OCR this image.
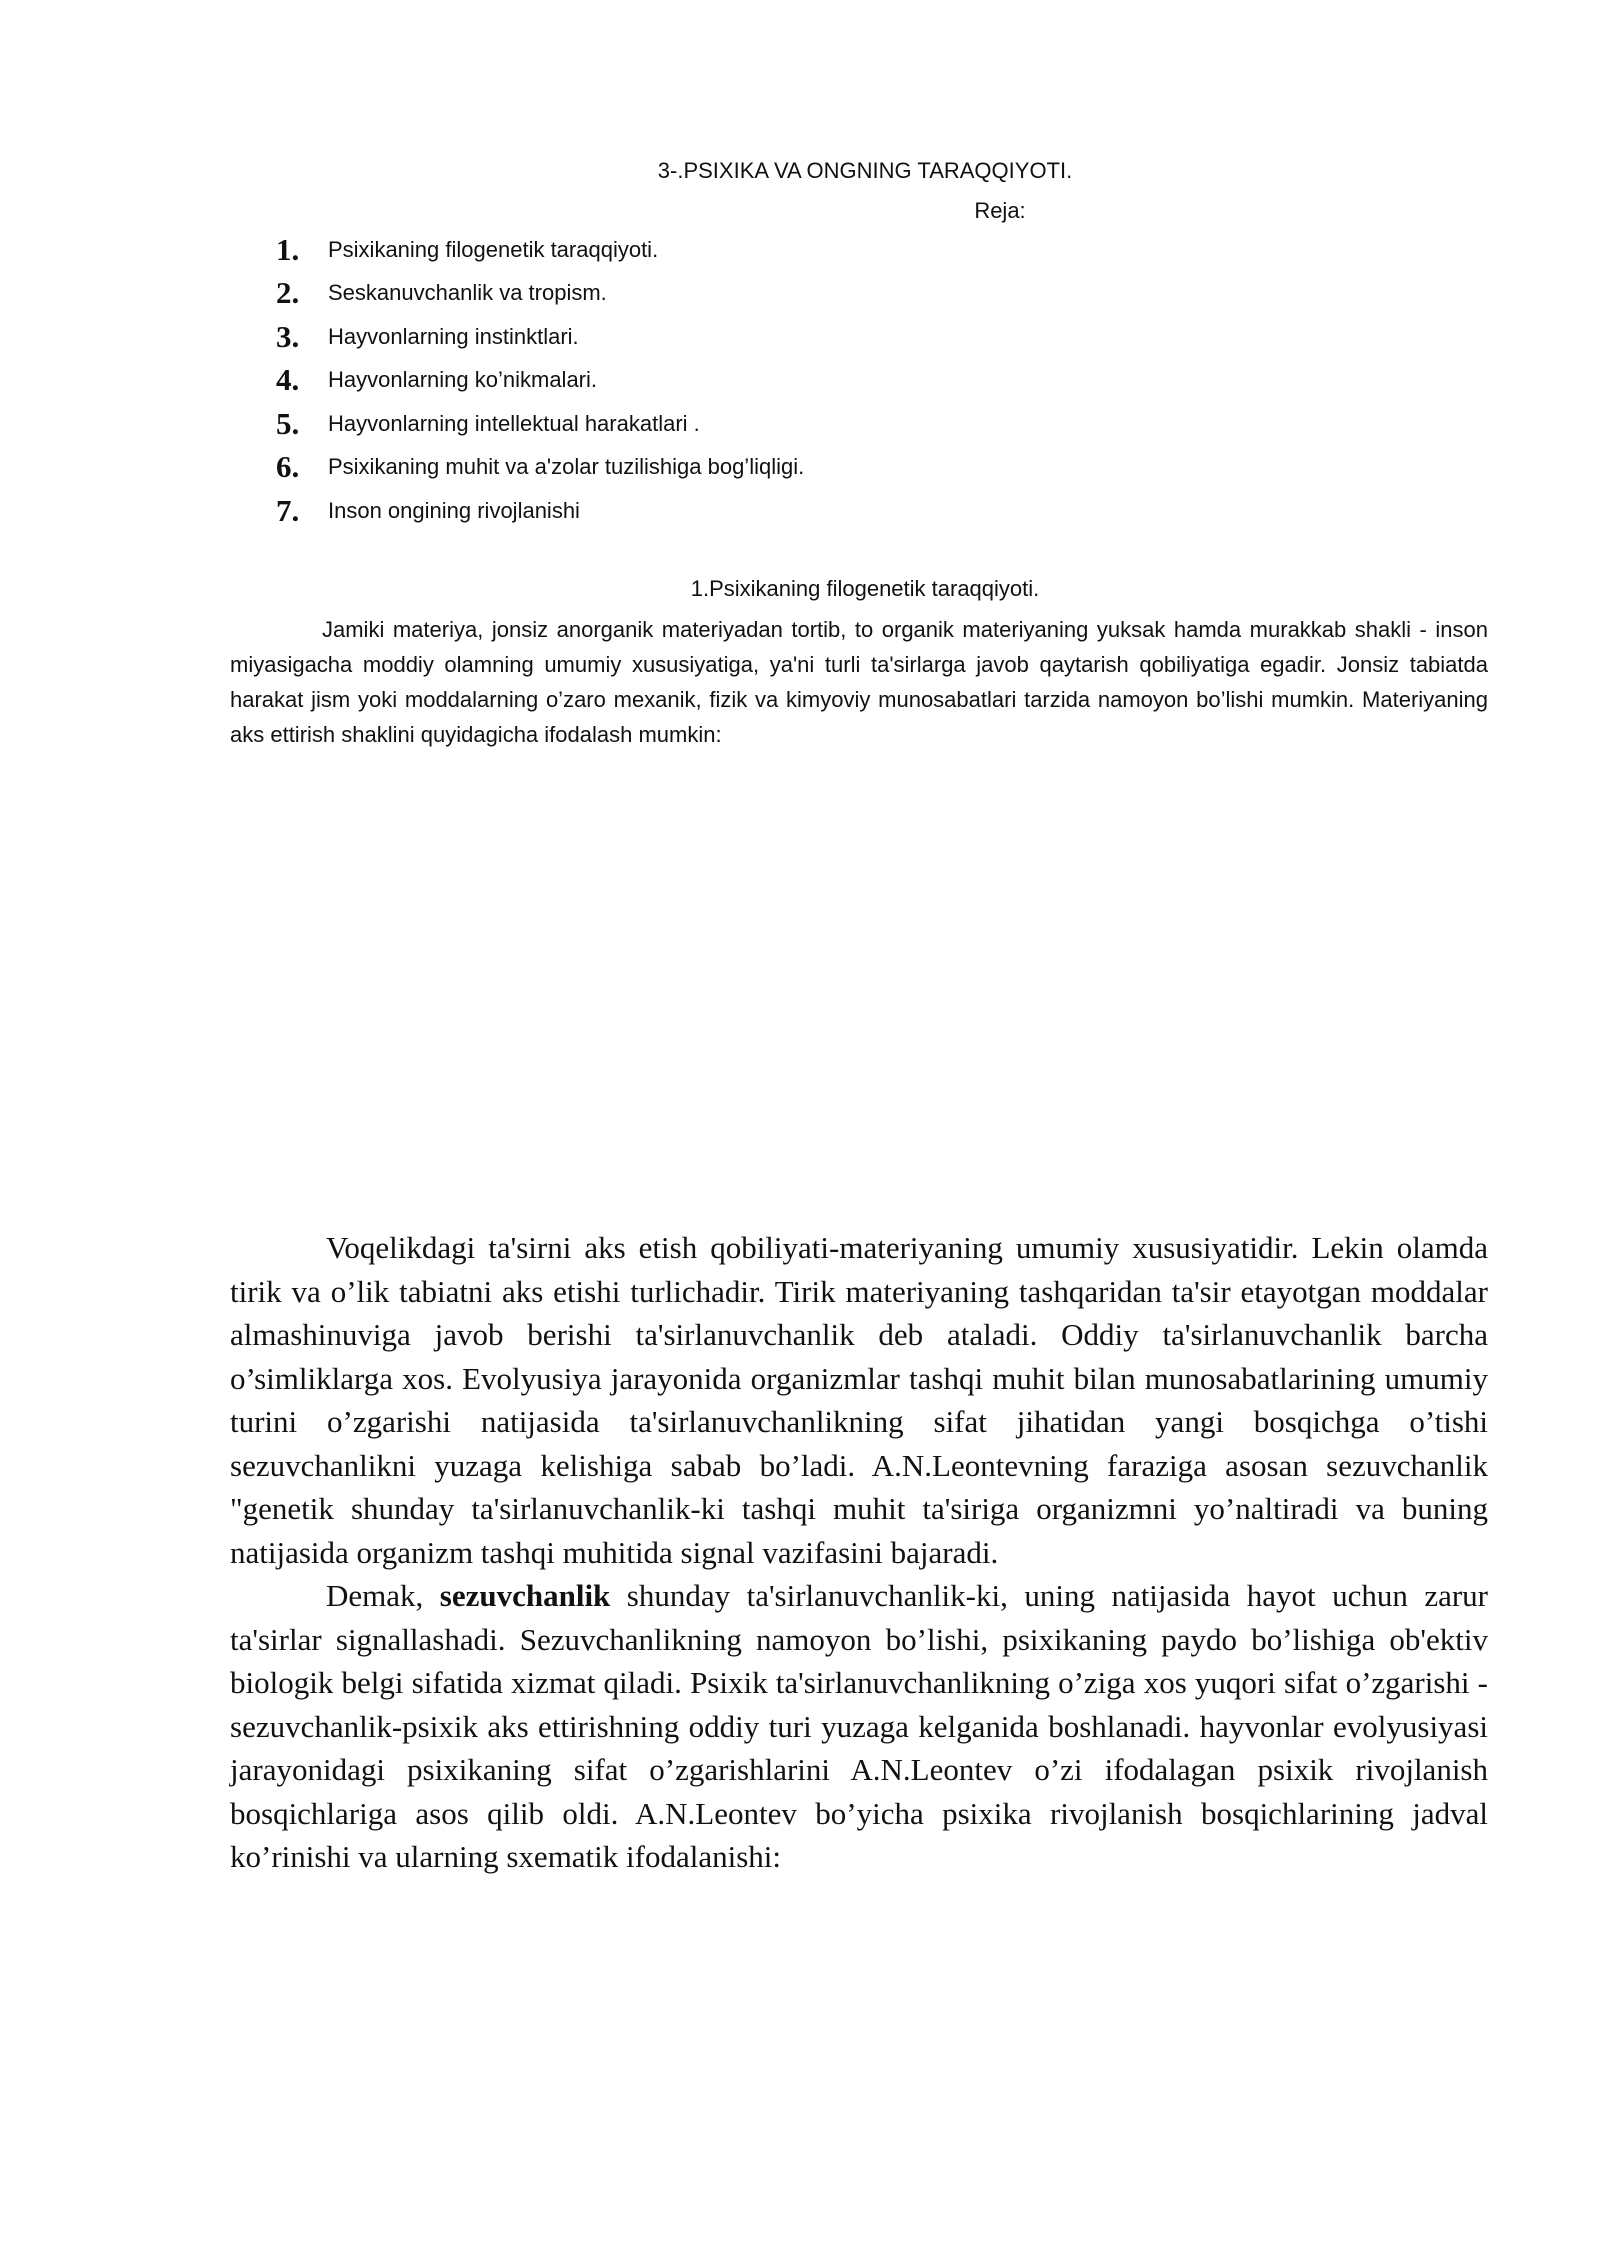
3-.PSIXIKA VA ONGNING TARAQQIYOTI.
Reja:
1.	Psixikaning filogenetik taraqqiyoti.
2.	Seskanuvchanlik va tropism.
3.	Hayvonlarning instinktlari.
4.	Hayvonlarning ko’nikmalari.
5.	Hayvonlarning intellektual harakatlari .
6.	Psixikaning muhit va a'zolar tuzilishiga bog’liqligi.
7.	Inson ongining rivojlanishi
1.Psixikaning filogenetik taraqqiyoti.

Jamiki materiya, jonsiz anorganik materiyadan tortib, to organik materiyaning yuksak hamda murakkab shakli - inson miyasigacha moddiy olamning umumiy xususiyatiga, ya'ni turli ta'sirlarga javob qaytarish qobiliyatiga egadir. Jonsiz tabiatda harakat jism yoki moddalarning o’zaro mexanik, fizik va kimyoviy munosabatlari tarzida namoyon bo’lishi mumkin. Materiyaning aks ettirish shaklini quyidagicha ifodalash mumkin:

Voqelikdagi ta'sirni aks etish qobiliyati-materiyaning umumiy xususiyatidir. Lekin olamda tirik va o’lik tabiatni aks etishi turlichadir. Tirik materiyaning tashqaridan ta'sir etayotgan moddalar almashinuviga javob berishi ta'sirlanuvchanlik deb ataladi. Oddiy ta'sirlanuvchanlik barcha o’simliklarga xos. Evolyusiya jarayonida organizmlar tashqi muhit bilan munosabatlarining umumiy turini o’zgarishi natijasida ta'sirlanuvchanlikning sifat jihatidan yangi bosqichga o’tishi sezuvchanlikni yuzaga kelishiga sabab bo’ladi. A.N.Leontevning faraziga asosan sezuvchanlik "genetik shunday ta'sirlanuvchanlik-ki tashqi muhit ta'siriga organizmni yo’naltiradi va buning natijasida organizm tashqi muhitida signal vazifasini bajaradi.

Demak, sezuvchanlik shunday ta'sirlanuvchanlik-ki, uning natijasida hayot uchun zarur ta'sirlar signallashadi. Sezuvchanlikning namoyon bo’lishi, psixikaning paydo bo’lishiga ob'ektiv biologik belgi sifatida xizmat qiladi. Psixik ta'sirlanuvchanlikning o’ziga xos yuqori sifat o’zgarishi -sezuvchanlik-psixik aks ettirishning oddiy turi yuzaga kelganida boshlanadi. hayvonlar evolyusiyasi jarayonidagi psixikaning sifat o’zgarishlarini A.N.Leontev o’zi ifodalagan psixik rivojlanish bosqichlariga asos qilib oldi. A.N.Leontev bo’yicha psixika rivojlanish bosqichlarining jadval ko’rinishi va ularning sxematik ifodalanishi:
